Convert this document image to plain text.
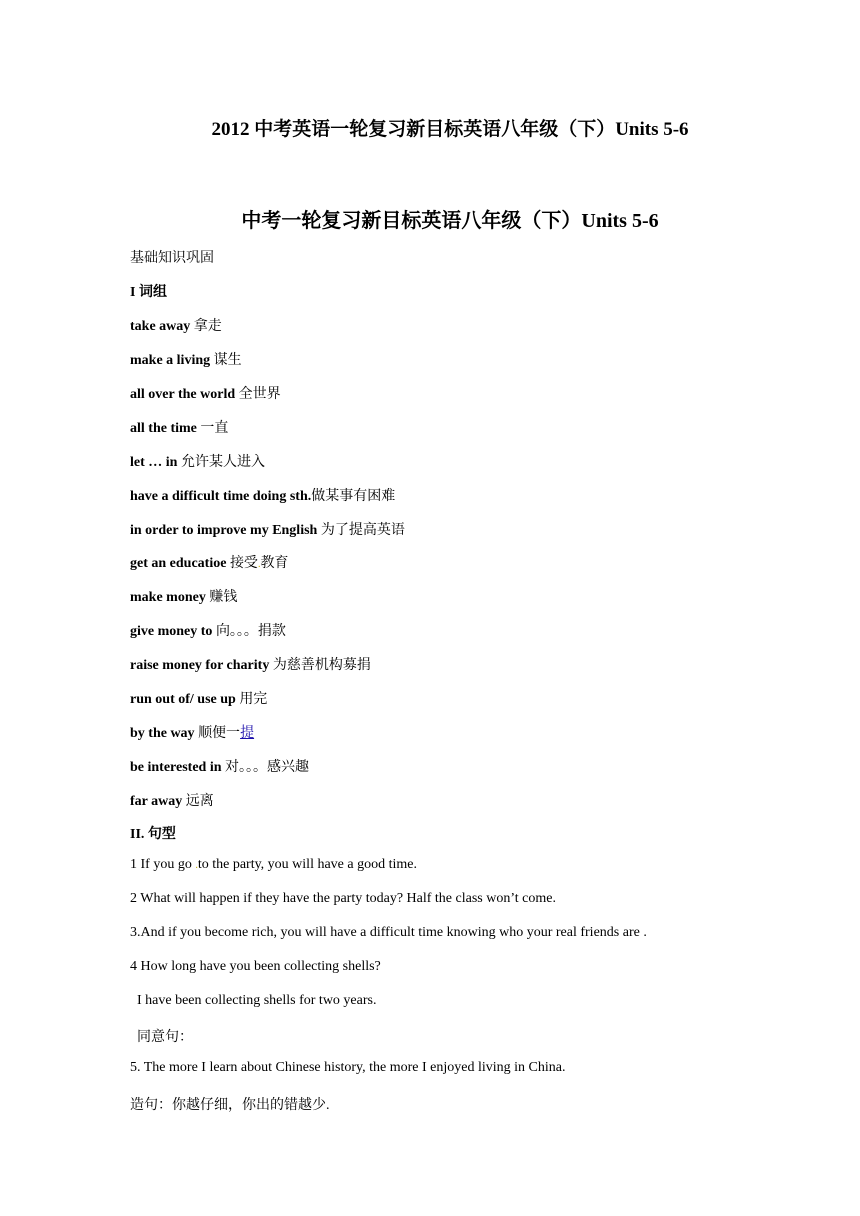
2012 中考英语一轮复习新目标英语八年级（下）Units 5-6
中考一轮复习新目标英语八年级（下）Units 5-6
基础知识巩固
I 词组
take away 拿走
make a living 谋生
all over the world 全世界
all the time 一直
let … in 允许某人进入
have a difficult time doing sth.做某事有困难
in order to improve my English 为了提高英语
get an educatioe 接受.教育
make money 赚钱
give money to 向。。。捐款
raise money for charity 为慈善机构募捐
run out of/ use up 用完
by the way 顺便一提
be interested in 对。。。感兴趣
far away 远离
II. 句型
1 If you go .to the party, you will have a good time.
2 What will happen if they have the party today? Half the class won’t come.
3.And if you become rich, you will have a difficult time knowing who your real friends are .
4 How long have you been collecting shells?
I have been collecting shells for two years.
同意句：
5. The more I learn about Chinese history, the more I enjoyed living in China.
造句：你越仔细，你出的错越少.
